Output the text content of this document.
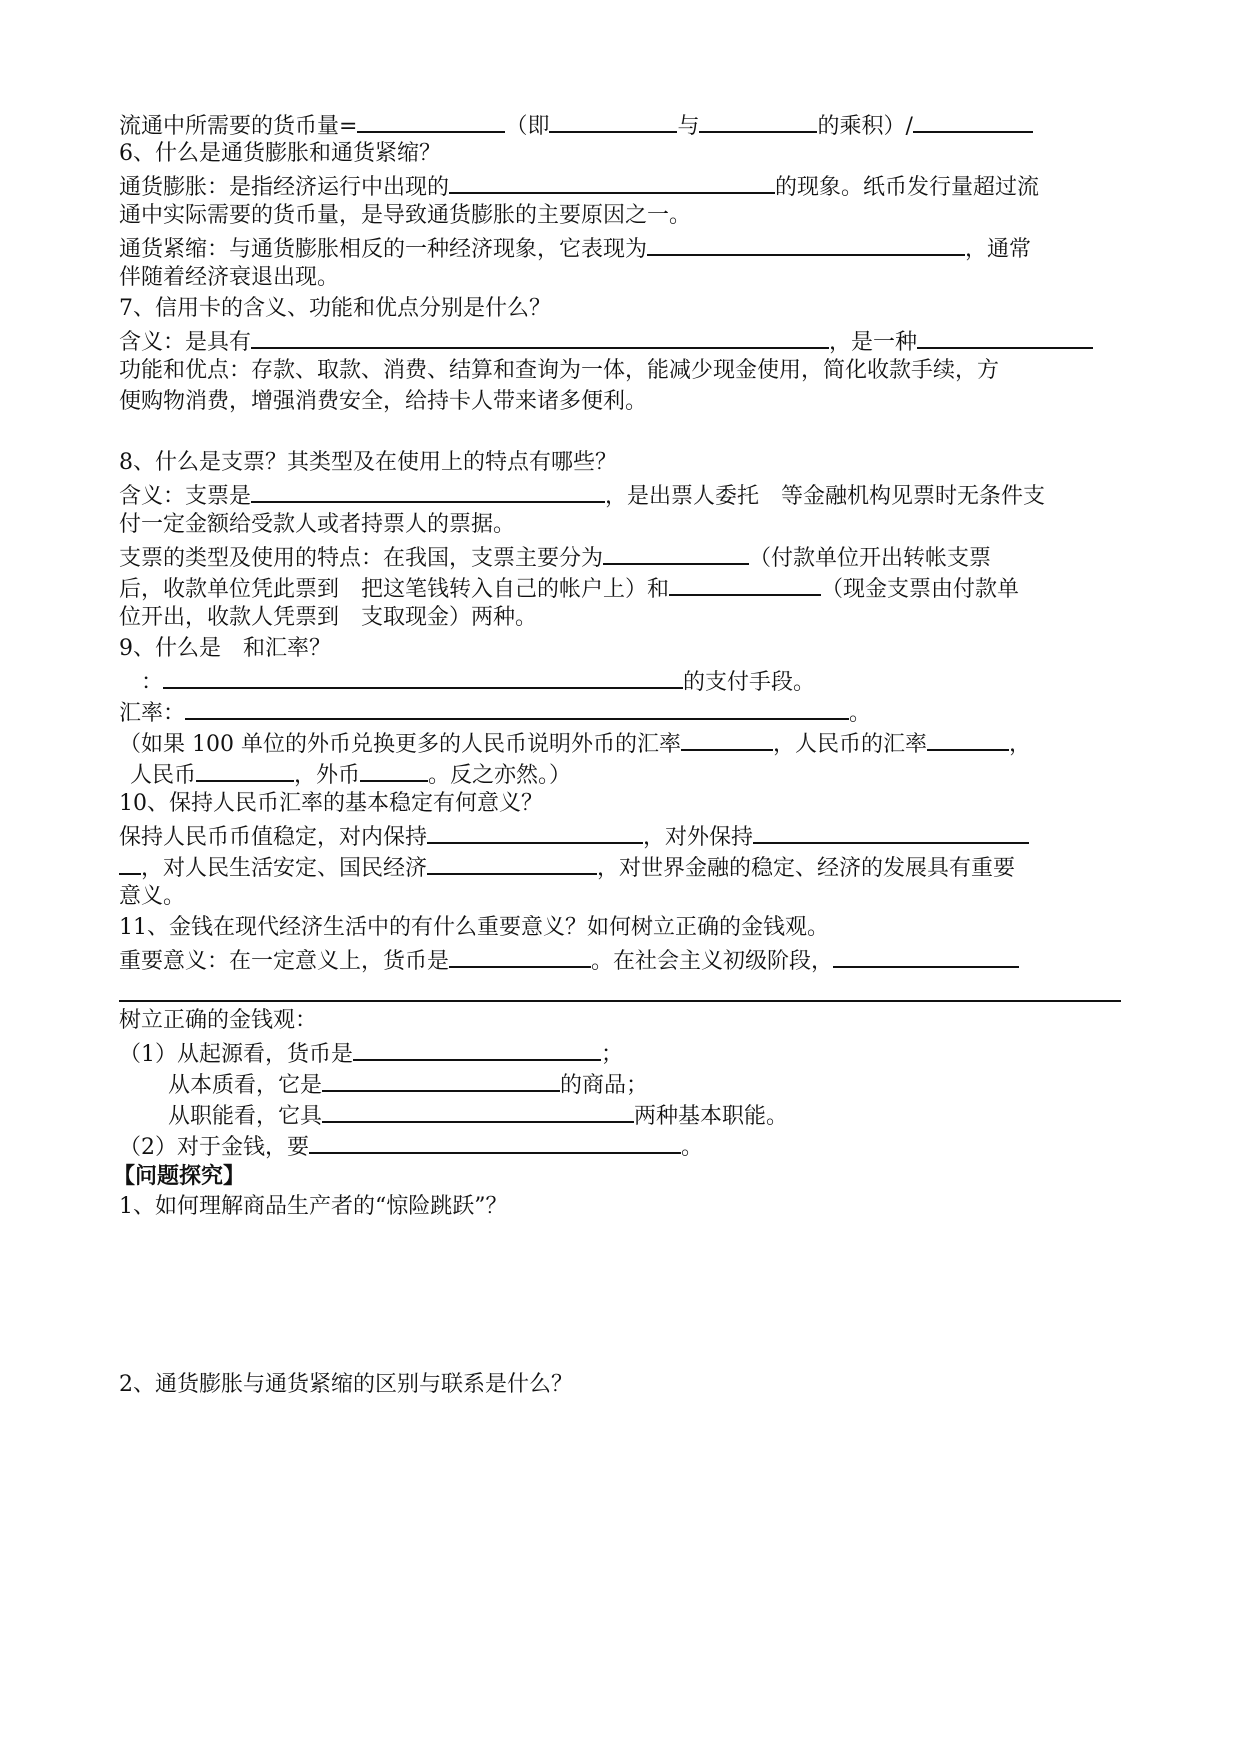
流通中所需要的货币量=	（即	与	的乘积）/
6、什么是通货膨胀和通货紧缩？
通货膨胀：是指经济运行中出现的	的现象。纸币发行量超过流
通中实际需要的货币量，是导致通货膨胀的主要原因之一。
通货紧缩：与通货膨胀相反的一种经济现象，它表现为	，通常
伴随着经济衰退出现。
7、信用卡的含义、功能和优点分别是什么？
含义：是具有	，是一种
功能和优点：存款、取款、消费、结算和查询为一体，能减少现金使用，简化收款手续，方
便购物消费，增强消费安全，给持卡人带来诸多便利。
8、什么是支票？其类型及在使用上的特点有哪些？
含义：支票是	，是出票人委托　等金融机构见票时无条件支
付一定金额给受款人或者持票人的票据。
支票的类型及使用的特点：在我国，支票主要分为	（付款单位开出转帐支票
后，收款单位凭此票到　把这笔钱转入自己的帐户上）和	（现金支票由付款单
位开出，收款人凭票到　支取现金）两种。
9、什么是　和汇率？
　：	的支付手段。
汇率：	。
（如果 100 单位的外币兑换更多的人民币说明外币的汇率	，人民币的汇率	，
人民币	，外币	。反之亦然。）
10、保持人民币汇率的基本稳定有何意义？
保持人民币币值稳定，对内保持	，对外保持
，对人民生活安定、国民经济	，对世界金融的稳定、经济的发展具有重要
意义。
11、金钱在现代经济生活中的有什么重要意义？如何树立正确的金钱观。
重要意义：在一定意义上，货币是	。在社会主义初级阶段，
树立正确的金钱观：
（1）从起源看，货币是	；
从本质看，它是	的商品；
从职能看，它具	两种基本职能。
（2）对于金钱，要	。
【问题探究】
1、如何理解商品生产者的“惊险跳跃”？
2、通货膨胀与通货紧缩的区别与联系是什么？
